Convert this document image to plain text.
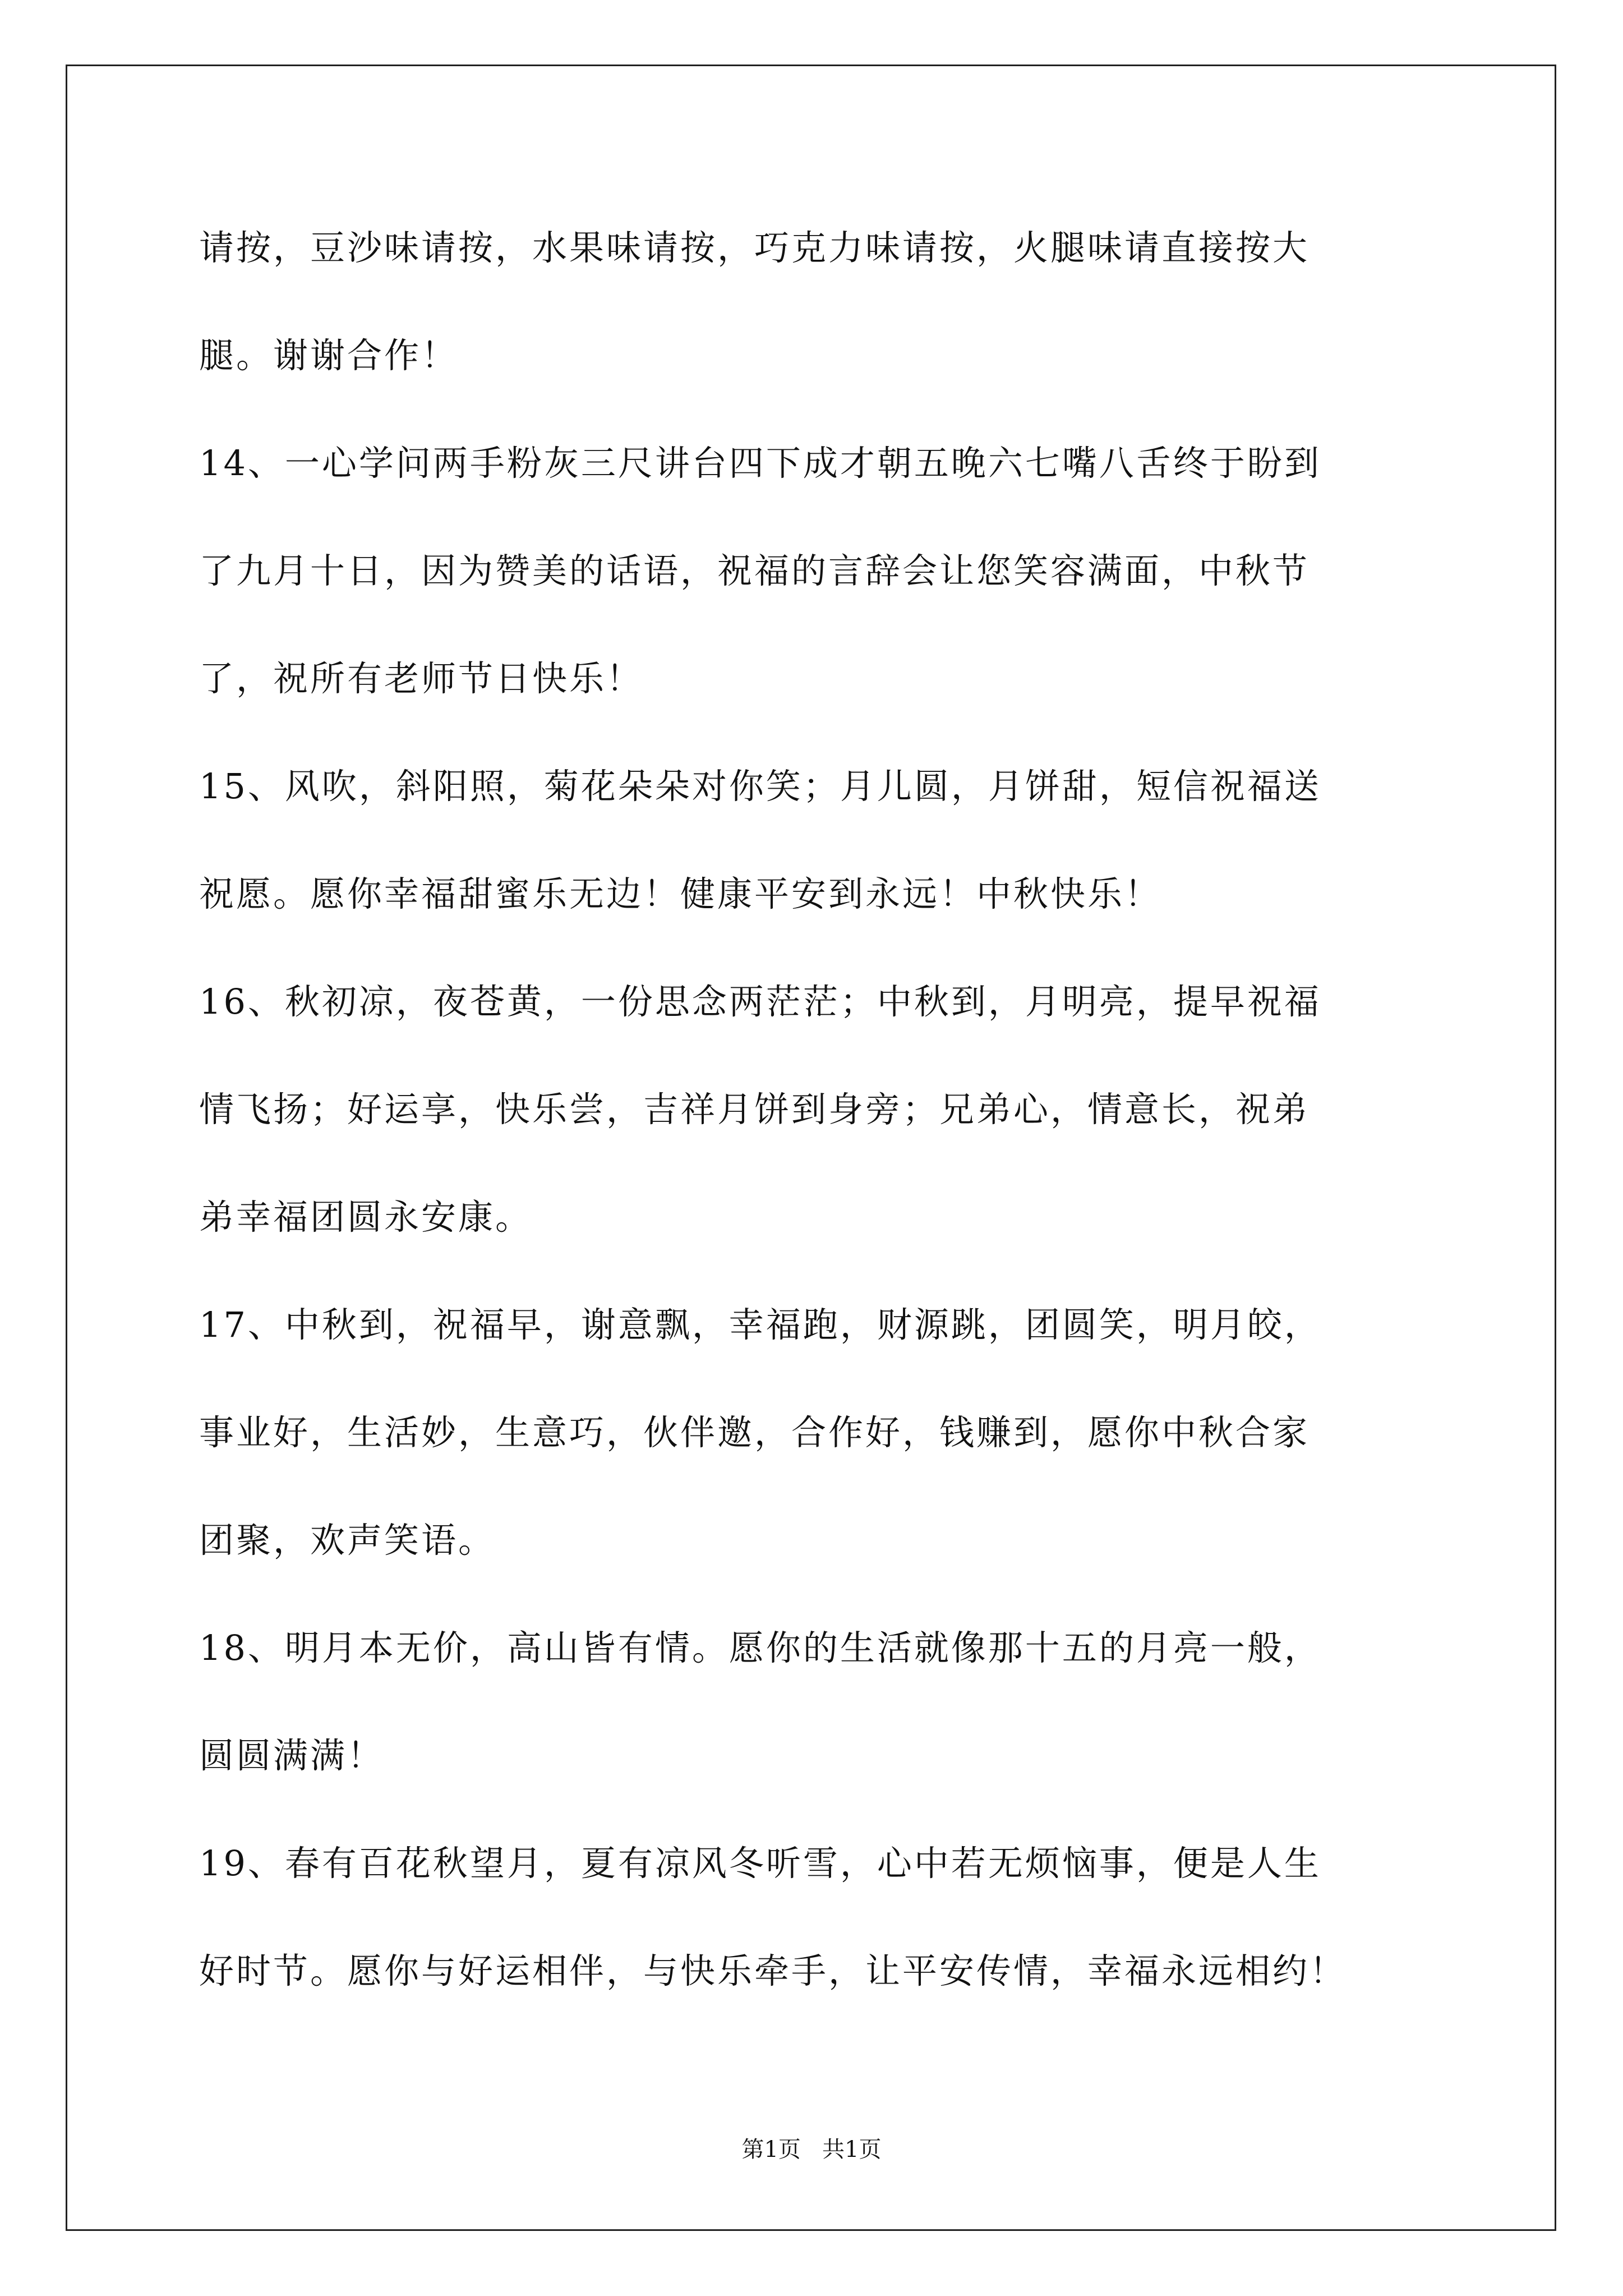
请按，豆沙味请按，水果味请按，巧克力味请按，火腿味请直接按大
腿。谢谢合作！
14、一心学问两手粉灰三尺讲台四下成才朝五晚六七嘴八舌终于盼到
了九月十日，因为赞美的话语，祝福的言辞会让您笑容满面，中秋节
了，祝所有老师节日快乐！
15、风吹，斜阳照，菊花朵朵对你笑；月儿圆，月饼甜，短信祝福送
祝愿。愿你幸福甜蜜乐无边！健康平安到永远！中秋快乐！
16、秋初凉，夜苍黄，一份思念两茫茫；中秋到，月明亮，提早祝福
情飞扬；好运享，快乐尝，吉祥月饼到身旁；兄弟心，情意长，祝弟
弟幸福团圆永安康。
17、中秋到，祝福早，谢意飘，幸福跑，财源跳，团圆笑，明月皎，
事业好，生活妙，生意巧，伙伴邀，合作好，钱赚到，愿你中秋合家
团聚，欢声笑语。
18、明月本无价，高山皆有情。愿你的生活就像那十五的月亮一般，
圆圆满满！
19、春有百花秋望月，夏有凉风冬听雪，心中若无烦恼事，便是人生
好时节。愿你与好运相伴，与快乐牵手，让平安传情，幸福永远相约！
第1页   共1页
